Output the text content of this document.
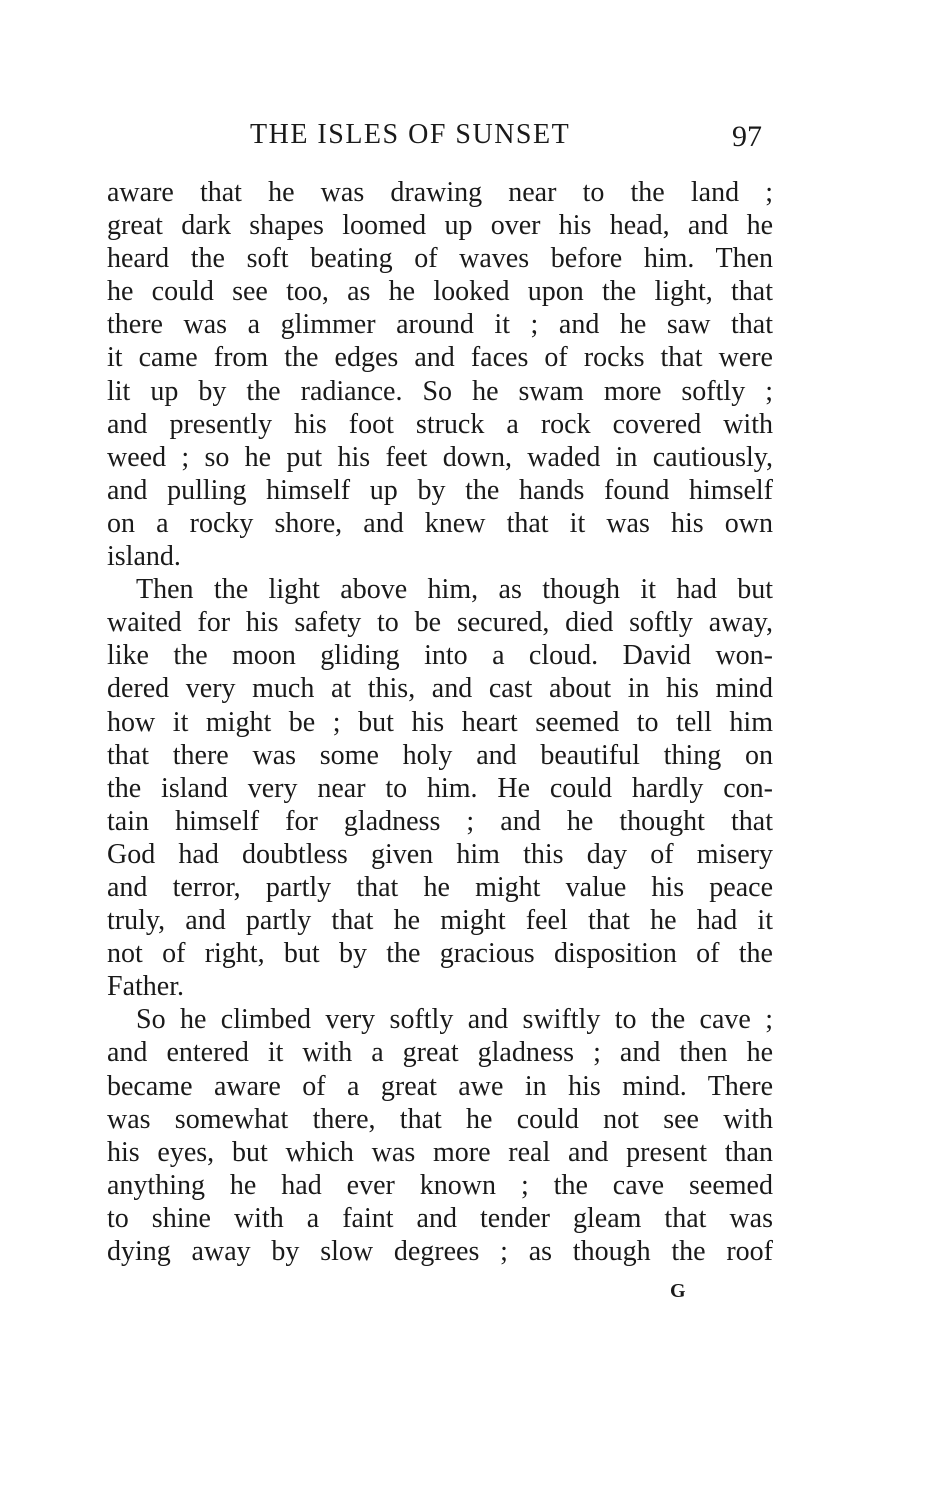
THE ISLES OF SUNSET	97
aware that he was drawing near to the land ;
great dark shapes loomed up over his head, and he
heard the soft beating of waves before him. Then
he could see too, as he looked upon the light, that
there was a glimmer around it ; and he saw that
it came from the edges and faces of rocks that were
lit up by the radiance. So he swam more softly ;
and presently his foot struck a rock covered with
weed ; so he put his feet down, waded in cautiously,
and pulling himself up by the hands found himself
on a rocky shore, and knew that it was his own
island.
Then the light above him, as though it had but
waited for his safety to be secured, died softly away,
like the moon gliding into a cloud. David won-
dered very much at this, and cast about in his mind
how it might be ; but his heart seemed to tell him
that there was some holy and beautiful thing on
the island very near to him. He could hardly con-
tain himself for gladness ; and he thought that
God had doubtless given him this day of misery
and terror, partly that he might value his peace
truly, and partly that he might feel that he had it
not of right, but by the gracious disposition of the
Father.
So he climbed very softly and swiftly to the cave ;
and entered it with a great gladness ; and then he
became aware of a great awe in his mind. There
was somewhat there, that he could not see with
his eyes, but which was more real and present than
anything he had ever known ; the cave seemed
to shine with a faint and tender gleam that was
dying away by slow degrees ; as though the roof
G
